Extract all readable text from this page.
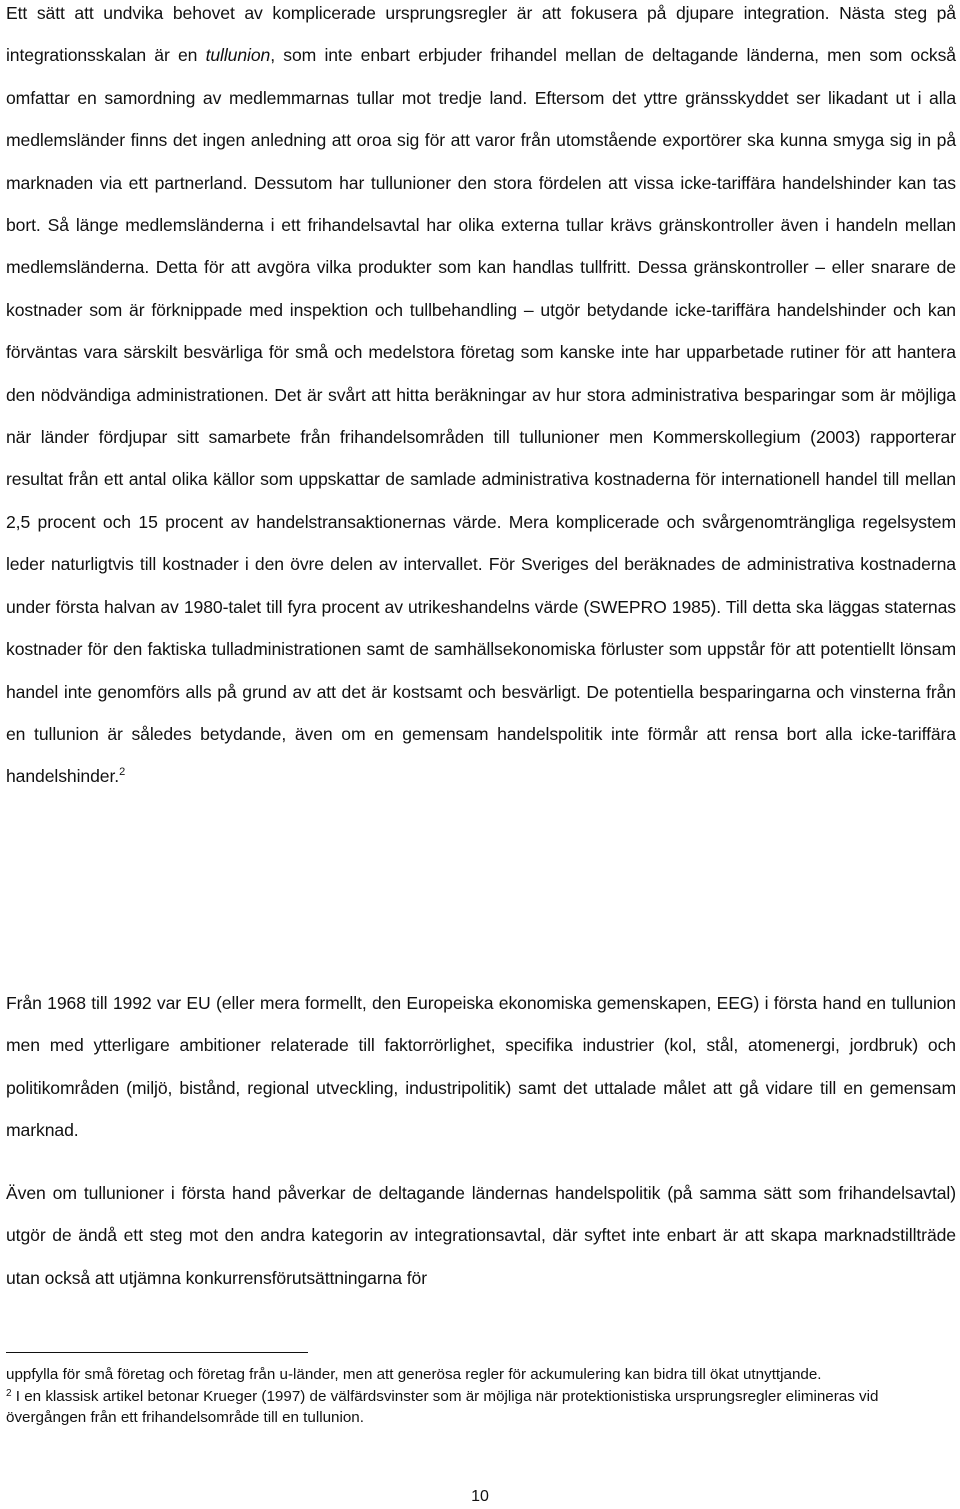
Ett sätt att undvika behovet av komplicerade ursprungsregler är att fokusera på djupare integration. Nästa steg på integrationsskalan är en tullunion, som inte enbart erbjuder frihandel mellan de deltagande länderna, men som också omfattar en samordning av medlemmarnas tullar mot tredje land. Eftersom det yttre gränsskyddet ser likadant ut i alla medlemsländer finns det ingen anledning att oroa sig för att varor från utomstående exportörer ska kunna smyga sig in på marknaden via ett partnerland. Dessutom har tullunioner den stora fördelen att vissa icke-tariffära handelshinder kan tas bort. Så länge medlemsländerna i ett frihandelsavtal har olika externa tullar krävs gränskontroller även i handeln mellan medlemsländerna. Detta för att avgöra vilka produkter som kan handlas tullfritt. Dessa gränskontroller – eller snarare de kostnader som är förknippade med inspektion och tullbehandling – utgör betydande icke-tariffära handelshinder och kan förväntas vara särskilt besvärliga för små och medelstora företag som kanske inte har upparbetade rutiner för att hantera den nödvändiga administrationen. Det är svårt att hitta beräkningar av hur stora administrativa besparingar som är möjliga när länder fördjupar sitt samarbete från frihandelsområden till tullunioner men Kommerskollegium (2003) rapporterar resultat från ett antal olika källor som uppskattar de samlade administrativa kostnaderna för internationell handel till mellan 2,5 procent och 15 procent av handelstransaktionernas värde. Mera komplicerade och svårgenomträngliga regelsystem leder naturligtvis till kostnader i den övre delen av intervallet. För Sveriges del beräknades de administrativa kostnaderna under första halvan av 1980-talet till fyra procent av utrikeshandelns värde (SWEPRO 1985). Till detta ska läggas staternas kostnader för den faktiska tulladministrationen samt de samhällsekonomiska förluster som uppstår för att potentiellt lönsam handel inte genomförs alls på grund av att det är kostsamt och besvärligt. De potentiella besparingarna och vinsterna från en tullunion är således betydande, även om en gemensam handelspolitik inte förmår att rensa bort alla icke-tariffära handelshinder.$^2$

Från 1968 till 1992 var EU (eller mera formellt, den Europeiska ekonomiska gemenskapen, EEG) i första hand en tullunion men med ytterligare ambitioner relaterade till faktorrörlighet, specifika industrier (kol, stål, atomenergi, jordbruk) och politikområden (miljö, bistånd, regional utveckling, industripolitik) samt det uttalade målet att gå vidare till en gemensam marknad.

Även om tullunioner i första hand påverkar de deltagande ländernas handelspolitik (på samma sätt som frihandelsavtal) utgör de ändå ett steg mot den andra kategorin av integrationsavtal, där syftet inte enbart är att skapa marknadstillträde utan också att utjämna konkurrensförutsättningarna för

uppfylla för små företag och företag från u-länder, men att generösa regler för ackumulering kan bidra till ökat utnyttjande.

$^2$ I en klassisk artikel betonar Krueger (1997) de välfärdsvinster som är möjliga när protektionistiska ursprungsregler elimineras vid övergången från ett frihandelsområde till en tullunion.

10
